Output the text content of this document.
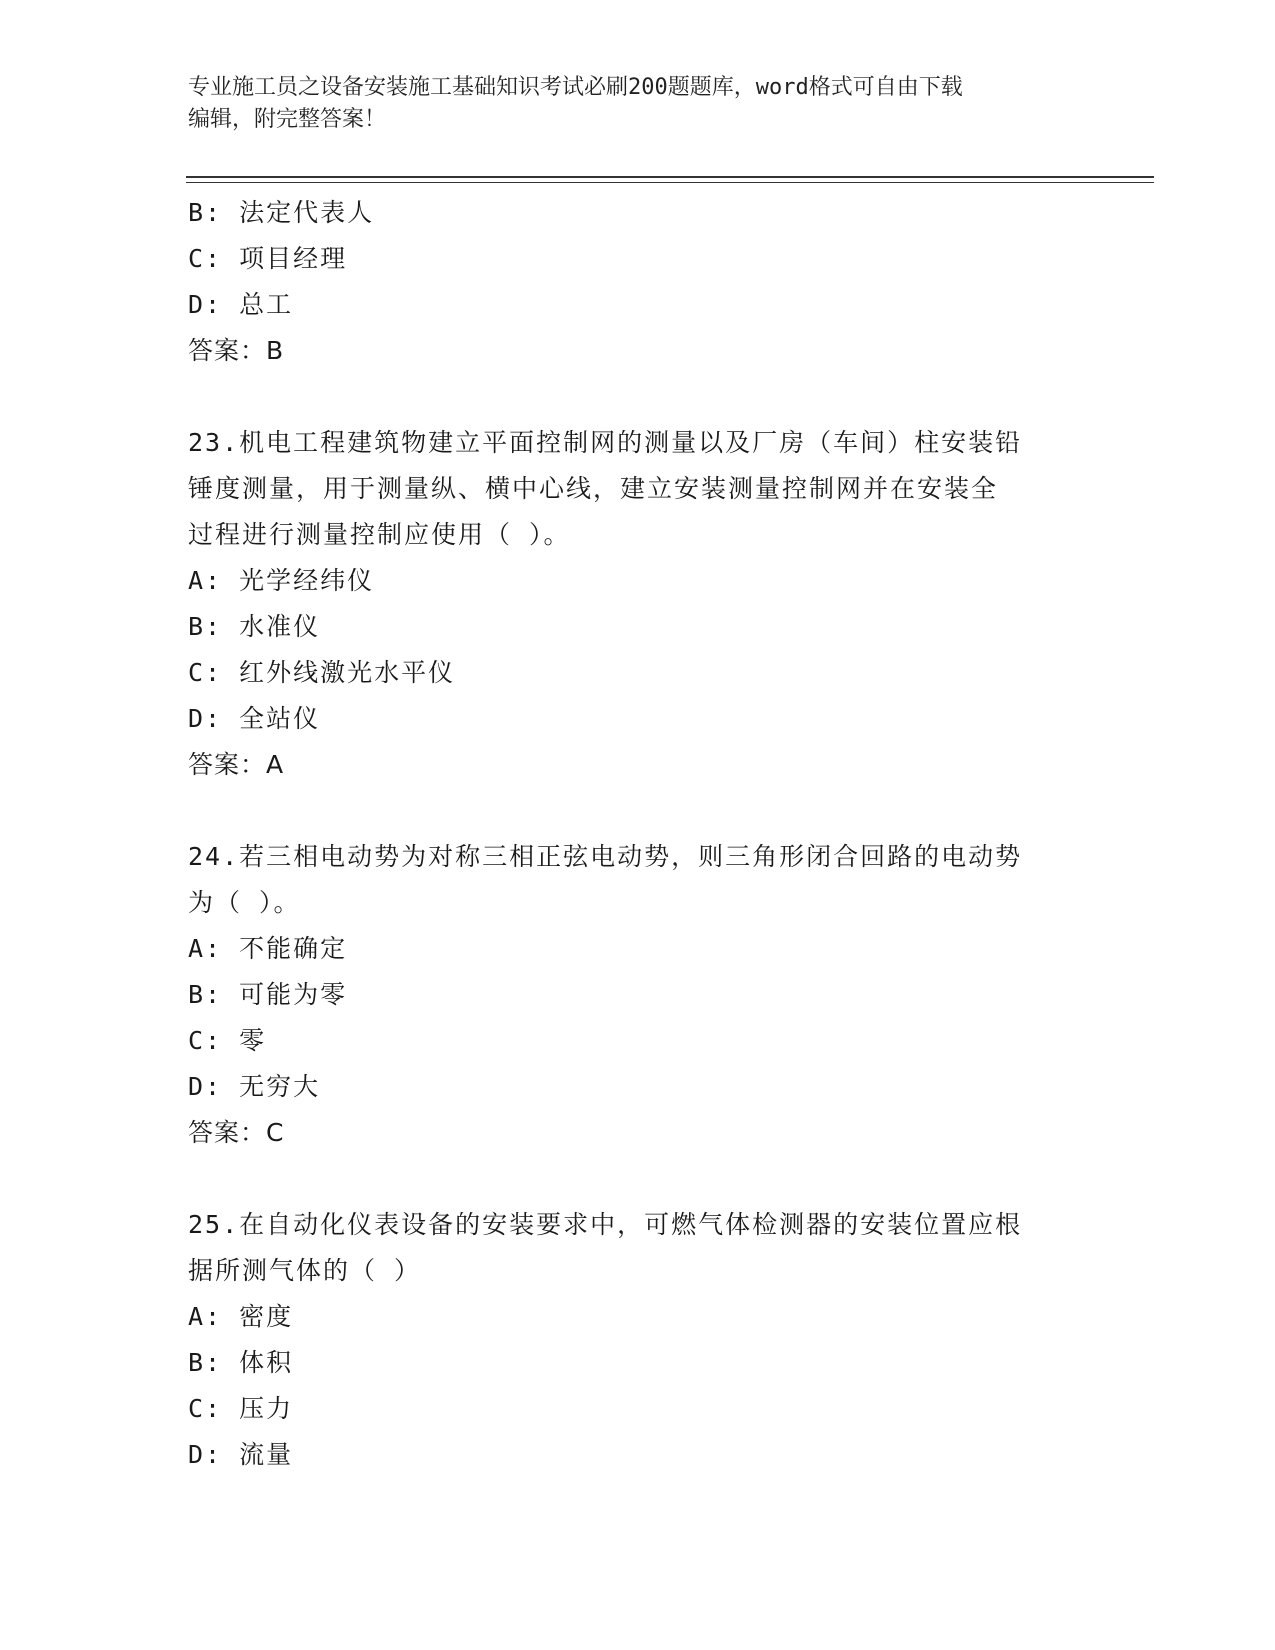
专业施工员之设备安装施工基础知识考试必刷200题题库，word格式可自由下载
编辑，附完整答案！
B: 法定代表人
C: 项目经理
D: 总工
答案：B
23.机电工程建筑物建立平面控制网的测量以及厂房（车间）柱安装铅
锤度测量，用于测量纵、横中心线，建立安装测量控制网并在安装全
过程进行测量控制应使用（ ）。
A: 光学经纬仪
B: 水准仪
C: 红外线激光水平仪
D: 全站仪
答案：A
24.若三相电动势为对称三相正弦电动势，则三角形闭合回路的电动势
为（ ）。
A: 不能确定
B: 可能为零
C: 零
D: 无穷大
答案：C
25.在自动化仪表设备的安装要求中，可燃气体检测器的安装位置应根
据所测气体的（ ）
A: 密度
B: 体积
C: 压力
D: 流量
